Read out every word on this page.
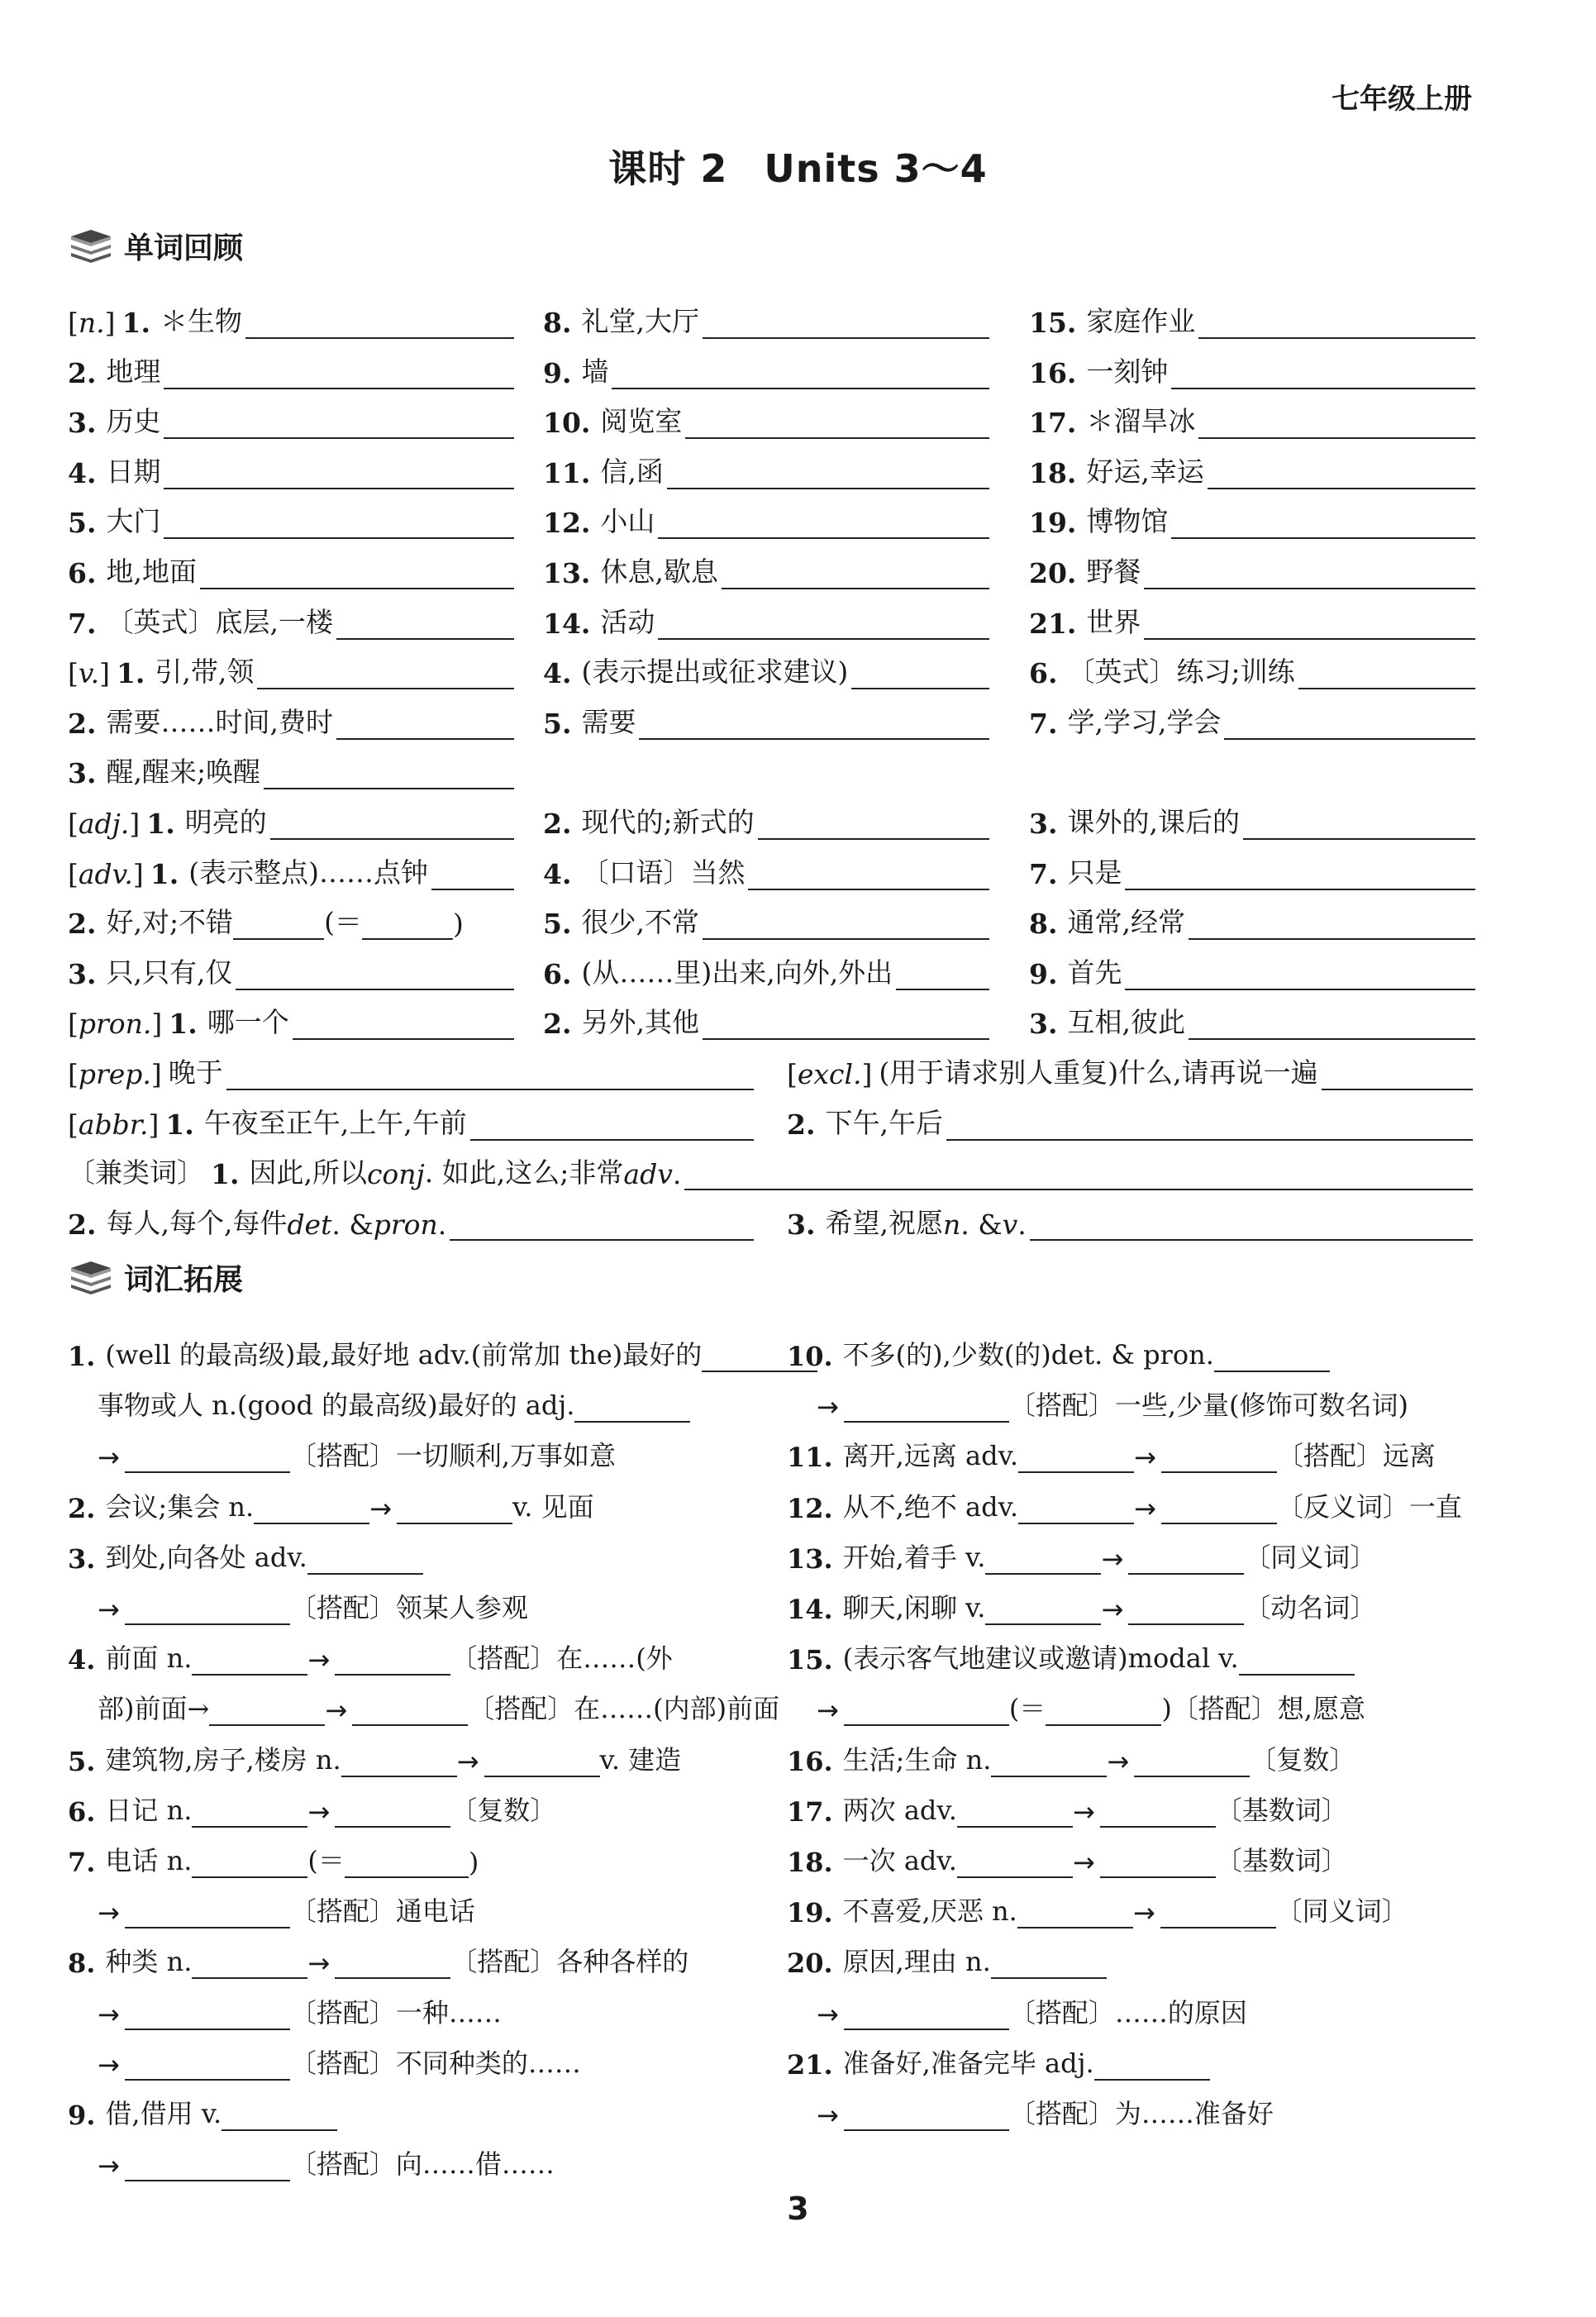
七年级上册
课时 2 Units 3～4
单词回顾
[n.] 1. ＊生物	8. 礼堂,大厅	15. 家庭作业
2. 地理	9. 墙	16. 一刻钟
3. 历史	10. 阅览室	17. ＊溜旱冰
4. 日期	11. 信,函	18. 好运,幸运
5. 大门	12. 小山	19. 博物馆
6. 地,地面	13. 休息,歇息	20. 野餐
7. 〔英式〕底层,一楼	14. 活动	21. 世界
[v.] 1. 引,带,领	4. (表示提出或征求建议)	6. 〔英式〕练习;训练
2. 需要……时间,费时	5. 需要	7. 学,学习,学会
3. 醒,醒来;唤醒
[adj.] 1. 明亮的	2. 现代的;新式的	3. 课外的,课后的
[adv.] 1. (表示整点)……点钟	4. 〔口语〕当然	7. 只是
2. 好,对;不错	(＝	)	5. 很少,不常	8. 通常,经常
3. 只,只有,仅	6. (从……里)出来,向外,外出	9. 首先
[pron.] 1. 哪一个	2. 另外,其他	3. 互相,彼此
[prep.] 晚于	[excl.] (用于请求别人重复)什么,请再说一遍
[abbr.] 1. 午夜至正午,上午,午前	2. 下午,午后
〔兼类词〕 1. 因此,所以 conj . 如此,这么;非常 adv .
2. 每人,每个,每件 det . & pron .	3. 希望,祝愿 n . & v .
词汇拓展
1. (well 的最高级)最,最好地 adv.(前常加 the)最好的
事物或人 n.(good 的最高级)最好的 adj.
→	〔搭配〕一切顺利,万事如意
2. 会议;集会 n.	→	v. 见面
3. 到处,向各处 adv.
→	〔搭配〕领某人参观
4. 前面 n.	→	〔搭配〕在……(外
部)前面→	→	〔搭配〕在……(内部)前面
5. 建筑物,房子,楼房 n.	→	v. 建造
6. 日记 n.	→	〔复数〕
7. 电话 n.	(＝	)
→	〔搭配〕通电话
8. 种类 n.	→	〔搭配〕各种各样的
→	〔搭配〕一种……
→	〔搭配〕不同种类的……
9. 借,借用 v.
→	〔搭配〕向……借……
10. 不多(的),少数(的)det. & pron.
→	〔搭配〕一些,少量(修饰可数名词)
11. 离开,远离 adv.	→	〔搭配〕远离
12. 从不,绝不 adv.	→	〔反义词〕一直
13. 开始,着手 v.	→	〔同义词〕
14. 聊天,闲聊 v.	→	〔动名词〕
15. (表示客气地建议或邀请)modal v.
→	(＝	)〔搭配〕想,愿意
16. 生活;生命 n.	→	〔复数〕
17. 两次 adv.	→	〔基数词〕
18. 一次 adv.	→	〔基数词〕
19. 不喜爱,厌恶 n.	→	〔同义词〕
20. 原因,理由 n.
→	〔搭配〕……的原因
21. 准备好,准备完毕 adj.
→	〔搭配〕为……准备好
3
